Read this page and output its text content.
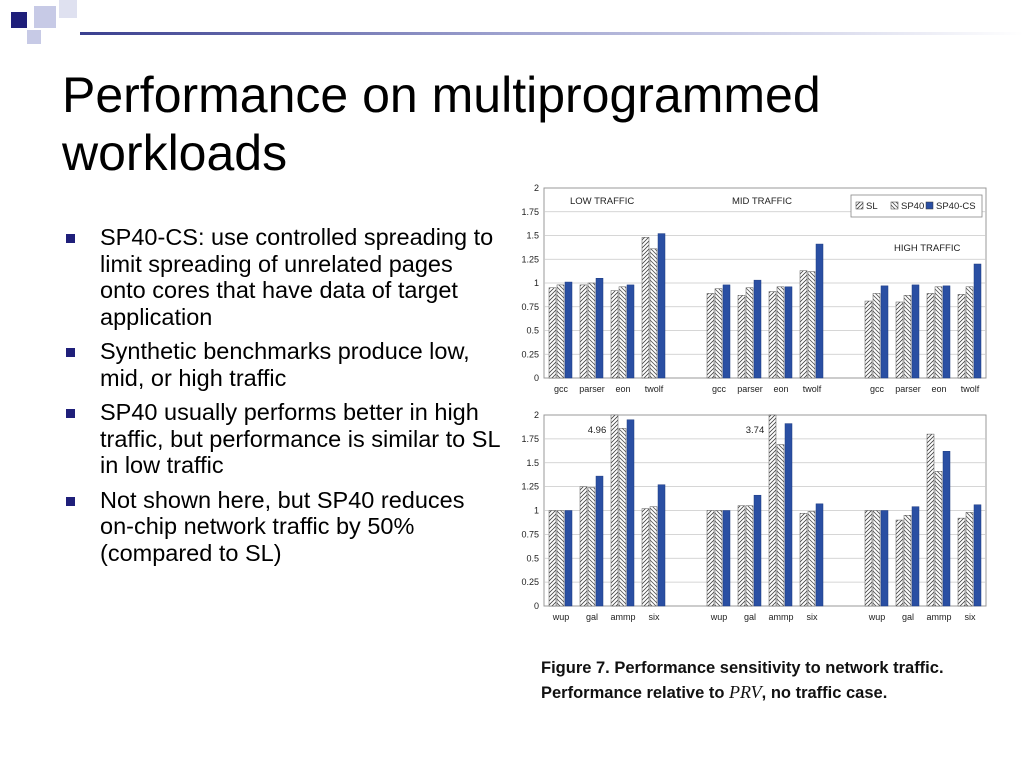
Performance on multiprogrammed workloads
SP40-CS: use controlled spreading to limit spreading of unrelated pages onto cores that have data of target application
Synthetic benchmarks produce low, mid, or high traffic
SP40 usually performs better in high traffic, but performance is similar to SL in low traffic
Not shown here, but SP40 reduces on-chip network traffic by 50% (compared to SL)
0
0.25
0.5
0.75
1
1.25
1.5
1.75
2
gcc parser eon twolf	gcc parser eon twolf	gcc parser eon twolf
LOW TRAFFIC	MID TRAFFIC
HIGH TRAFFIC
SL SP40 SP40-CS
0
0.25
0.5
0.75
1
1.25
1.5
1.75
2
wup gal ammp six	wup gal ammp six	wup gal ammp six
4.96	3.74
Figure 7. Performance sensitivity to network traffic. Performance relative to PRV, no traffic case.
